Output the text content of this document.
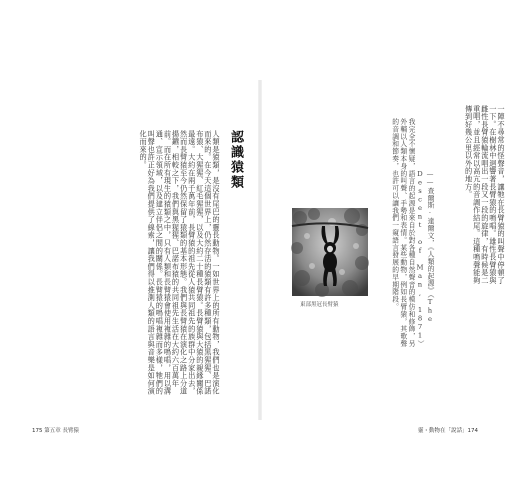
人類是猿類，是沒有尾巴的靈長動物。一如世界上的所有動物，我們也是演化而來的。在今天這個世界上，仍然存活的猿類有許多種類，包括黑猩猩、巴諾布猿、大猩猩、紅毛猩猩，以及大約二十種長臂猿。長臂猿與大猿的親緣關係最遠。大約在兩千萬年前，長臂猿的祖先從人猿共同祖先的族群中分家出去，然而長臂猿至今仍然保留了猿類的基本形態。我們與長臂猿在演化之路上分道揚鑣，相較之下，我們與黑猩猩、巴諾布猿的共同祖先生活在大約六百萬年前。而在所有現生的猿類之中，只有人類和長臂猿會使用複雜的鳴唱，用以溝通、宣示領域，以及建立伴侶之間的關係。長臂猿的鳴唱複雜而多樣，牠們的叫聲也許正好為我們提供了線索，讓我們得以推測人類的語言與音樂是如何演化而來的。	認識猿類
175 第五章 長臂猿
一陣不尋常的怪聲音，讓牠在長臂猿的叫聲中停頓了一下。在樹林中迴響著長臂猿的鳴唱。雄性長臂猿與雌性長臂猿輪流唱出一段又一段的旋律，有時候是二重唱，並且經常以高亢的音調作結尾。這種鳴聲能夠傳到好幾公里以外的地方。
我完全不懷疑，語言的起源是來自於對各種自然聲音的模仿和修飾，另外輔以人類本身的叫聲、手勢和表情。某些動物，例如長臂猿，其歌聲的音調和節奏，也許可以讓我們一窺語言發展的早期階段。	——查爾斯·達爾文，《人類的起源》（The Descent of Man, 1871）
東部黑冠長臂猿
靈・動物在「說話」174
